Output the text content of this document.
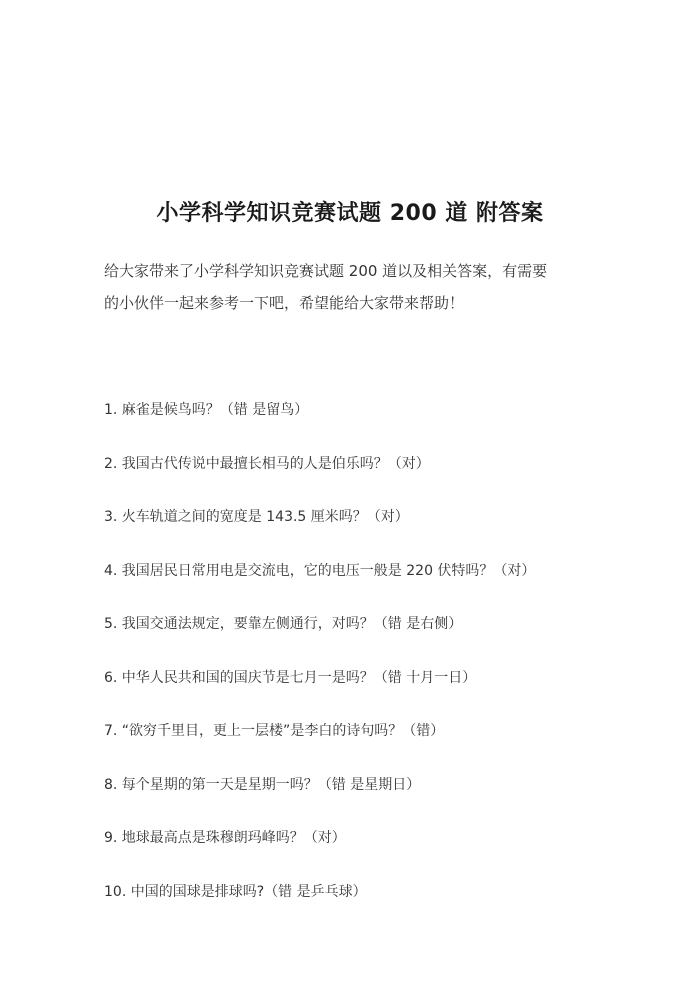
小学科学知识竞赛试题 200 道 附答案

给大家带来了小学科学知识竞赛试题 200 道以及相关答案，有需要

的小伙伴一起来参考一下吧，希望能给大家带来帮助！

1. 麻雀是候鸟吗？（错 是留鸟）
2. 我国古代传说中最擅长相马的人是伯乐吗？（对）
3. 火车轨道之间的宽度是 143.5 厘米吗？（对）
4. 我国居民日常用电是交流电，它的电压一般是 220 伏特吗？（对）
5. 我国交通法规定，要靠左侧通行，对吗？（错 是右侧）
6. 中华人民共和国的国庆节是七月一是吗？（错 十月一日）
7. “欲穷千里目，更上一层楼”是李白的诗句吗？（错）
8. 每个星期的第一天是星期一吗？（错 是星期日）
9. 地球最高点是珠穆朗玛峰吗？（对）
10. 中国的国球是排球吗?（错 是乒乓球）
